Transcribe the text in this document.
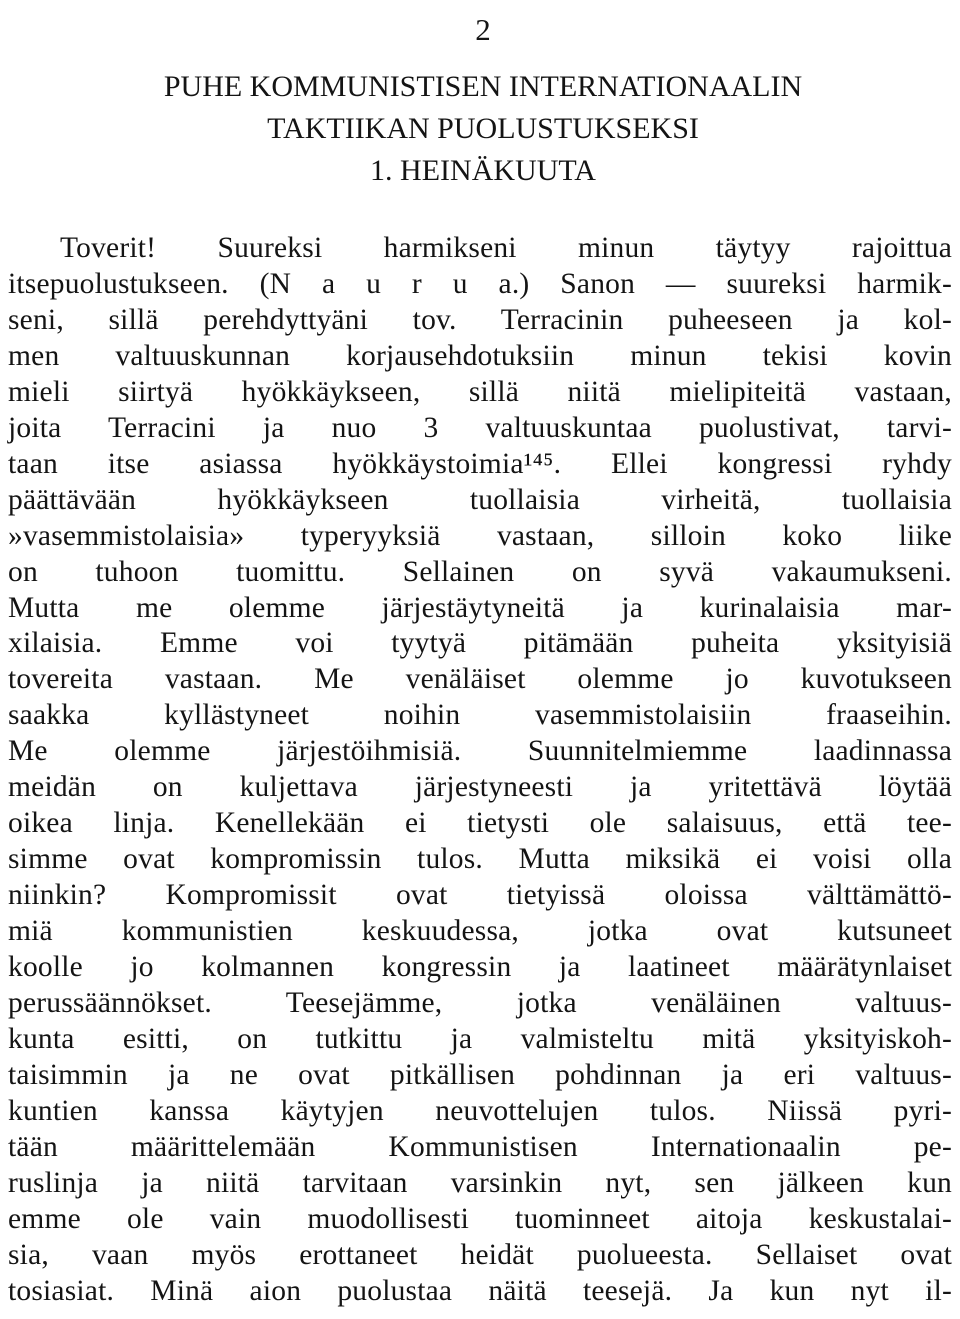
2
PUHE KOMMUNISTISEN INTERNATIONAALIN
TAKTIIKAN PUOLUSTUKSEKSI
1. HEINÄKUUTA
Toverit! Suureksi harmikseni minun täytyy rajoittua
itsepuolustukseen. (N a u r u a.) Sanon — suureksi harmik-
seni, sillä perehdyttyäni tov. Terracinin puheeseen ja kol-
men valtuuskunnan korjausehdotuksiin minun tekisi kovin
mieli siirtyä hyökkäykseen, sillä niitä mielipiteitä vastaan,
joita Terracini ja nuo 3 valtuuskuntaa puolustivat, tarvi-
taan itse asiassa hyökkäystoimia¹⁴⁵. Ellei kongressi ryhdy
päättävään hyökkäykseen tuollaisia virheitä, tuollaisia
»vasemmistolaisia» typeryyksiä vastaan, silloin koko liike
on tuhoon tuomittu. Sellainen on syvä vakaumukseni.
Mutta me olemme järjestäytyneitä ja kurinalaisia mar-
xilaisia. Emme voi tyytyä pitämään puheita yksityisiä
tovereita vastaan. Me venäläiset olemme jo kuvotukseen
saakka kyllästyneet noihin vasemmistolaisiin fraaseihin.
Me olemme järjestöihmisiä. Suunnitelmiemme laadinnassa
meidän on kuljettava järjestyneesti ja yritettävä löytää
oikea linja. Kenellekään ei tietysti ole salaisuus, että tee-
simme ovat kompromissin tulos. Mutta miksikä ei voisi olla
niinkin? Kompromissit ovat tietyissä oloissa välttämättö-
miä kommunistien keskuudessa, jotka ovat kutsuneet
koolle jo kolmannen kongressin ja laatineet määrätynlaiset
perussäännökset. Teesejämme, jotka venäläinen valtuus-
kunta esitti, on tutkittu ja valmisteltu mitä yksityiskoh-
taisimmin ja ne ovat pitkällisen pohdinnan ja eri valtuus-
kuntien kanssa käytyjen neuvottelujen tulos. Niissä pyri-
tään määrittelemään Kommunistisen Internationaalin pe-
ruslinja ja niitä tarvitaan varsinkin nyt, sen jälkeen kun
emme ole vain muodollisesti tuominneet aitoja keskustalai-
sia, vaan myös erottaneet heidät puolueesta. Sellaiset ovat
tosiasiat. Minä aion puolustaa näitä teesejä. Ja kun nyt il-
